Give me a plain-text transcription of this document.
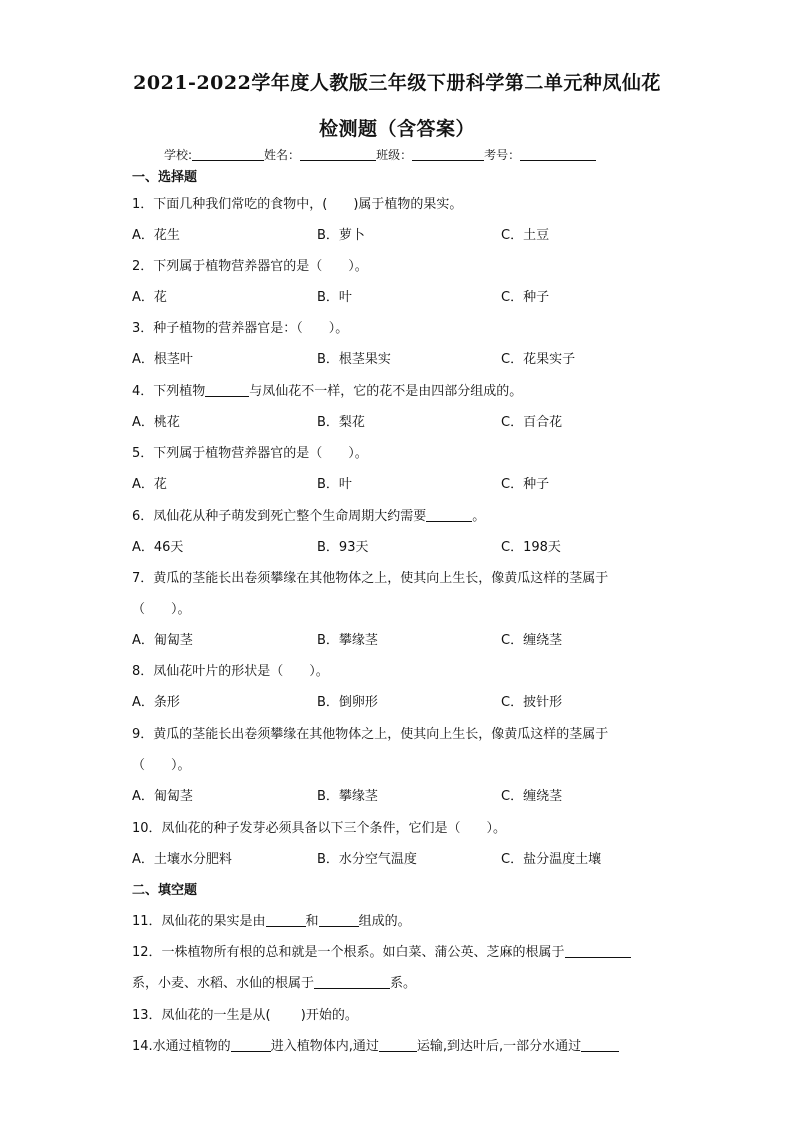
2021-2022学年度人教版三年级下册科学第二单元种凤仙花
检测题（含答案）
学校:	姓名：	班级：	考号：
一、选择题
1．下面几种我们常吃的食物中，(　　)属于植物的果实。
A．花生	B．萝卜	C．土豆
2．下列属于植物营养器官的是（　　）。
A．花	B．叶	C．种子
3．种子植物的营养器官是：（　　）。
A．根茎叶	B．根茎果实	C．花果实子
4．下列植物	与凤仙花不一样，它的花不是由四部分组成的。
A．桃花	B．梨花	C．百合花
5．下列属于植物营养器官的是（　　）。
A．花	B．叶	C．种子
6．凤仙花从种子萌发到死亡整个生命周期大约需要	。
A．46天	B．93天	C．198天
7．黄瓜的茎能长出卷须攀缘在其他物体之上，使其向上生长，像黄瓜这样的茎属于
（　　）。
A．匍匐茎	B．攀缘茎	C．缠绕茎
8．凤仙花叶片的形状是（　　）。
A．条形	B．倒卵形	C．披针形
9．黄瓜的茎能长出卷须攀缘在其他物体之上，使其向上生长，像黄瓜这样的茎属于
（　　）。
A．匍匐茎	B．攀缘茎	C．缠绕茎
10．凤仙花的种子发芽必须具备以下三个条件，它们是（　　）。
A．土壤水分肥料	B．水分空气温度	C．盐分温度土壤
二、填空题
11．凤仙花的果实是由	和	组成的。
12．一株植物所有根的总和就是一个根系。如白菜、蒲公英、芝麻的根属于
系，小麦、水稻、水仙的根属于	系。
13．凤仙花的一生是从(　　 )开始的。
14.水通过植物的	进入植物体内,通过	运输,到达叶后,一部分水通过
